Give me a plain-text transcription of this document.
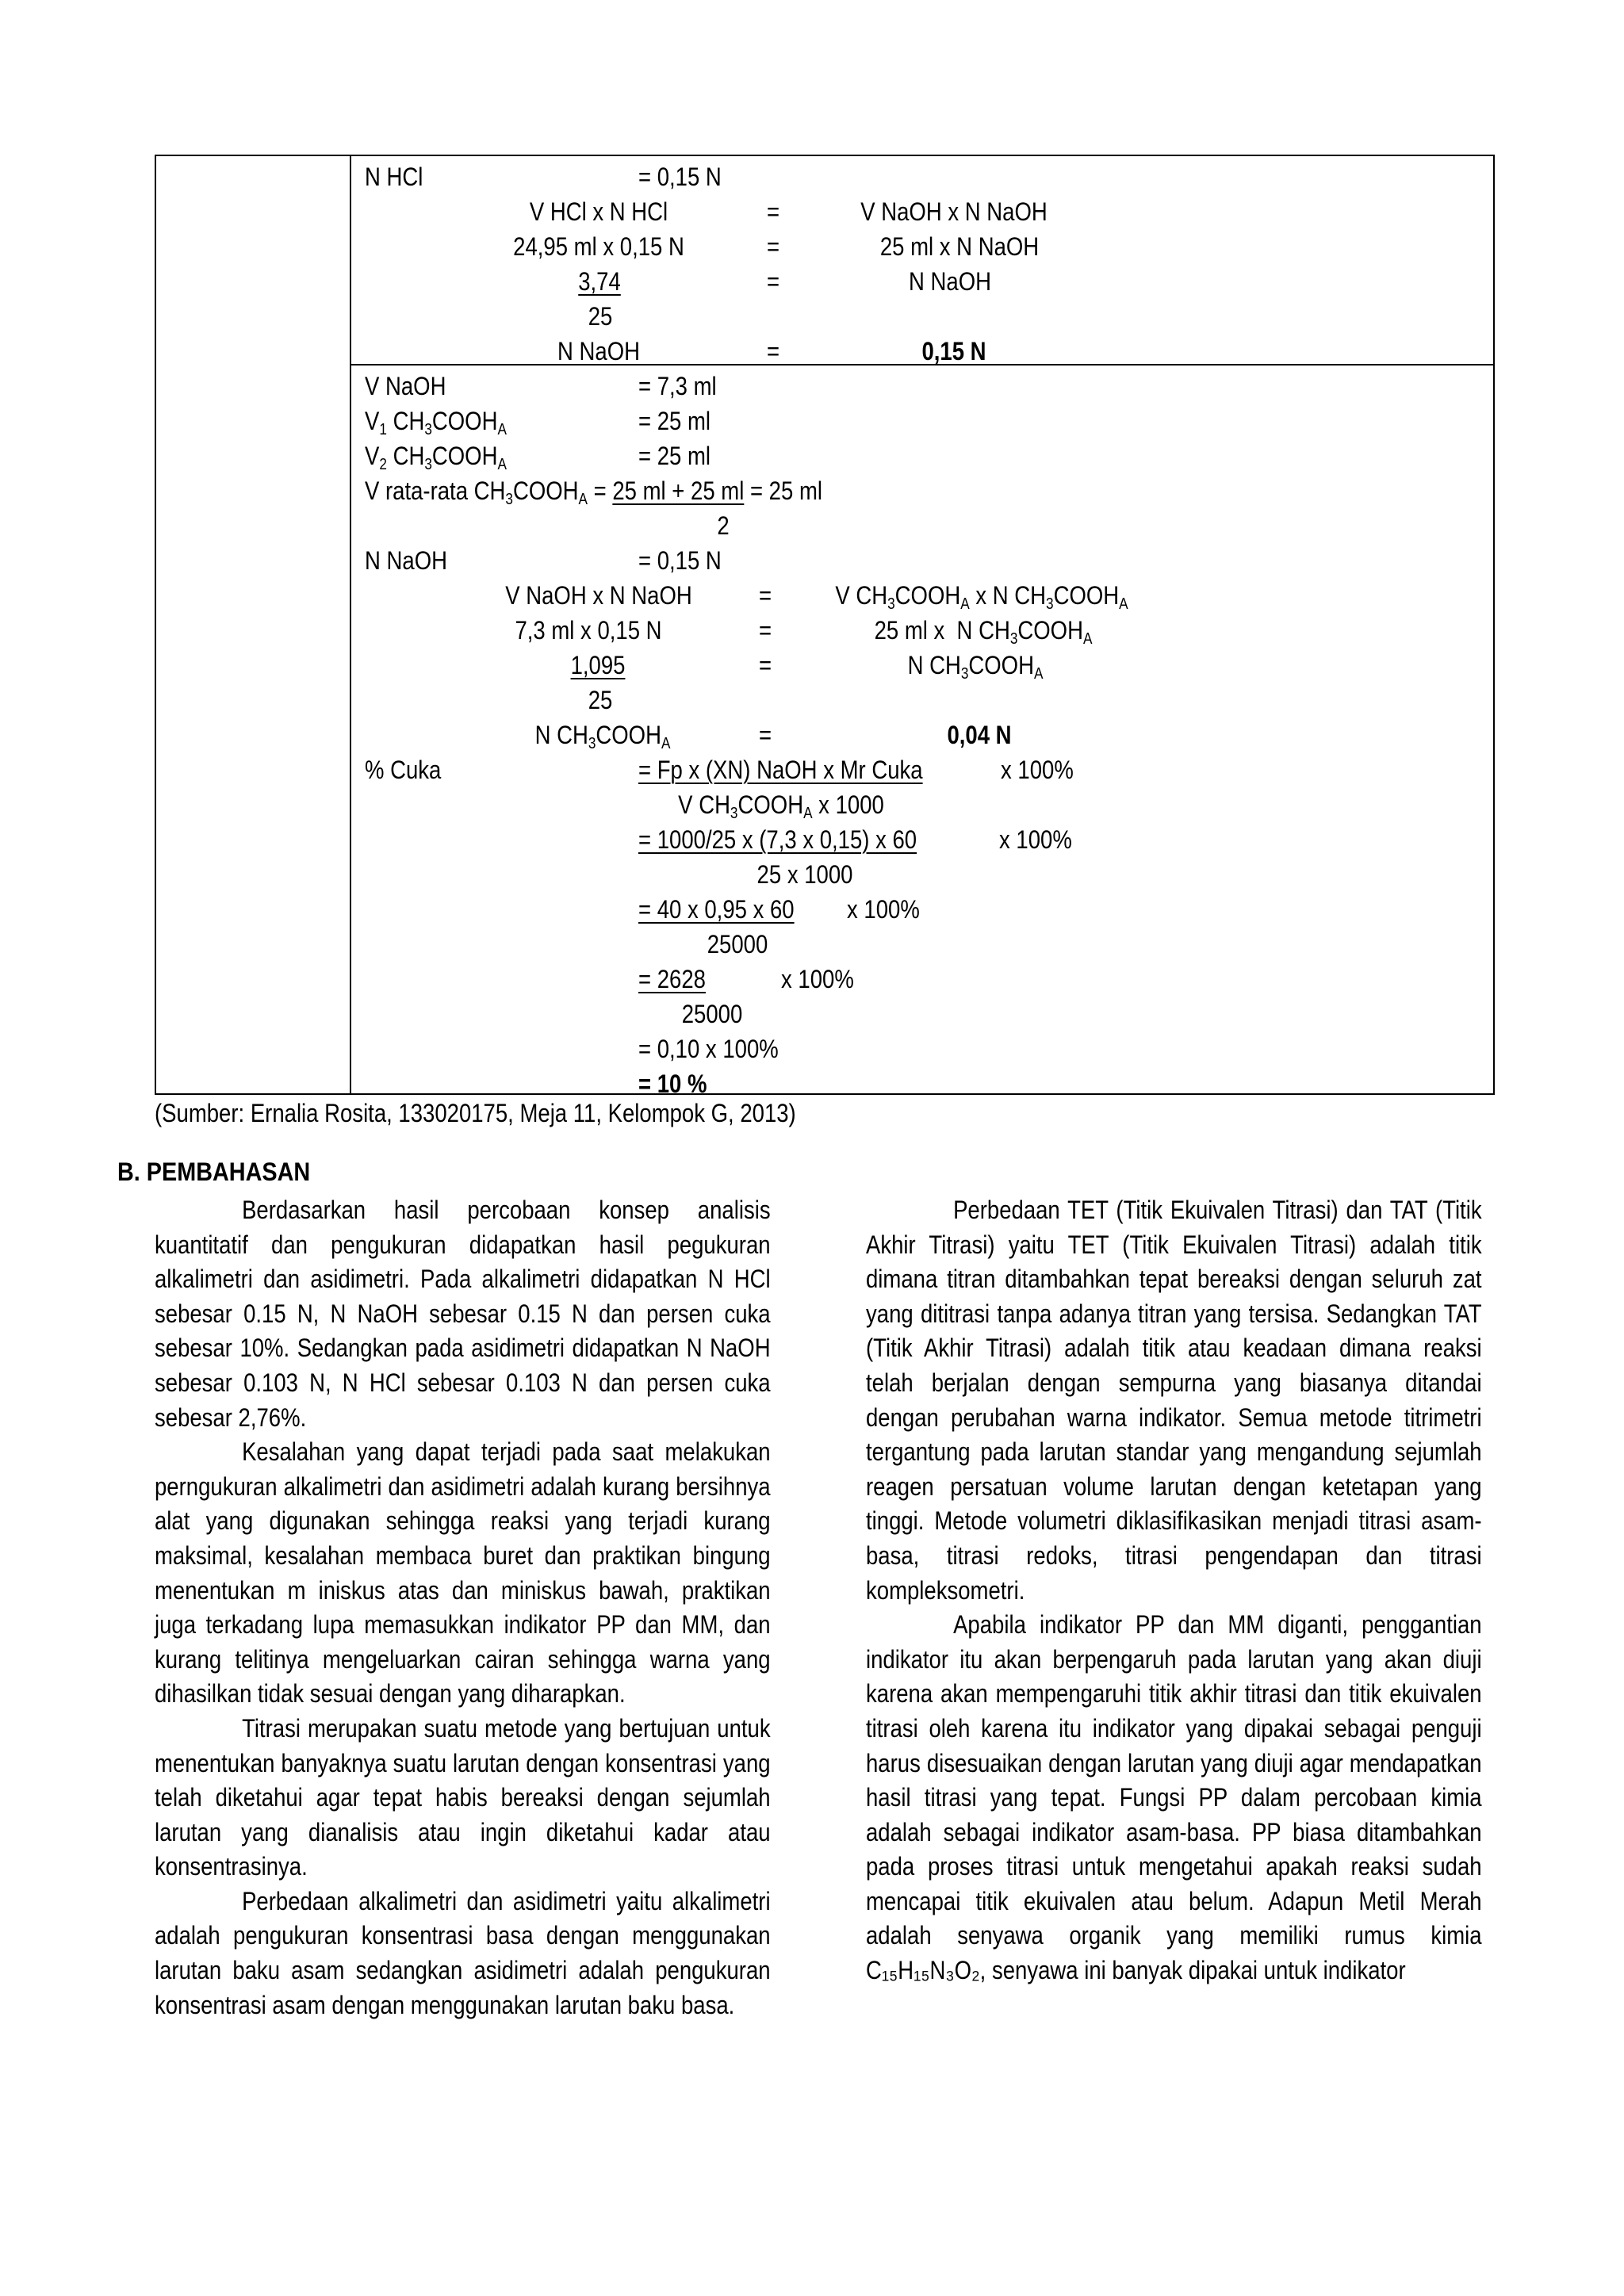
N HCl	= 0,15 N
V HCl x N HCl	=	V NaOH x N NaOH
24,95 ml x 0,15 N	=	25 ml x N NaOH
3,74	=	N NaOH
25
N NaOH	=	0,15 N
V NaOH	= 7,3 ml
$V_1$ $CH_3COOH_A$	= 25 ml
$V_2$ $CH_3COOH_A$	= 25 ml
V rata-rata $CH_3COOH_A = 25$ ml + 25 ml = 25 ml
2
N NaOH	= 0,15 N
V NaOH x N NaOH	=	V $CH_3COOH_A$ x N $CH_3COOH_A$
7,3 ml x 0,15 N	=	25 ml x  N $CH_3COOH_A$
1,095	=	N $CH_3COOH_A$
25
N $CH_3COOH_A$	=	0,04 N
% Cuka	= Fp x (XN) NaOH x Mr Cuka	x 100%
V $CH_3COOH_A$ x 1000
= 1000/25 x (7,3 x 0,15) x 60	x 100%
25 x 1000
= 40 x 0,95 x 60 x 100%
25000
= 2628	x 100%
25000
= 0,10 x 100%
= 10 %
(Sumber: Ernalia Rosita, 133020175, Meja 11, Kelompok G, 2013)
B. PEMBAHASAN

Berdasarkan hasil percobaan konsep analisis kuantitatif dan pengukuran didapatkan hasil pegukuran alkalimetri dan asidimetri. Pada alkalimetri didapatkan N HCl sebesar 0.15 N, N NaOH sebesar 0.15 N dan persen cuka sebesar 10%. Sedangkan pada asidimetri didapatkan N NaOH sebesar 0.103 N, N HCl sebesar 0.103 N dan persen cuka sebesar 2,76%.

Kesalahan yang dapat terjadi pada saat melakukan perngukuran alkalimetri dan asidimetri adalah kurang bersihnya alat yang digunakan sehingga reaksi yang terjadi kurang maksimal, kesalahan membaca buret dan praktikan bingung menentukan m iniskus atas dan miniskus bawah, praktikan juga terkadang lupa memasukkan indikator PP dan MM, dan kurang telitinya mengeluarkan cairan sehingga warna yang dihasilkan tidak sesuai dengan yang diharapkan.

Titrasi merupakan suatu metode yang bertujuan untuk menentukan banyaknya suatu larutan dengan konsentrasi yang telah diketahui agar tepat habis bereaksi dengan sejumlah larutan yang dianalisis atau ingin diketahui kadar atau konsentrasinya.

Perbedaan alkalimetri dan asidimetri yaitu alkalimetri adalah pengukuran konsentrasi basa dengan menggunakan larutan baku asam sedangkan asidimetri adalah pengukuran konsentrasi asam dengan menggunakan larutan baku basa.

Perbedaan TET (Titik Ekuivalen Titrasi) dan TAT (Titik Akhir Titrasi) yaitu TET (Titik Ekuivalen Titrasi) adalah titik dimana titran ditambahkan tepat bereaksi dengan seluruh zat yang dititrasi tanpa adanya titran yang tersisa. Sedangkan TAT (Titik Akhir Titrasi) adalah titik atau keadaan dimana reaksi telah berjalan dengan sempurna yang biasanya ditandai dengan perubahan warna indikator. Semua metode titrimetri tergantung pada larutan standar yang mengandung sejumlah reagen persatuan volume larutan dengan ketetapan yang tinggi. Metode volumetri diklasifikasikan menjadi titrasi asam-basa, titrasi redoks, titrasi pengendapan dan titrasi kompleksometri.

Apabila indikator PP dan MM diganti, penggantian indikator itu akan berpengaruh pada larutan yang akan diuji karena akan mempengaruhi titik akhir titrasi dan titik ekuivalen titrasi oleh karena itu indikator yang dipakai sebagai penguji harus disesuaikan dengan larutan yang diuji agar mendapatkan hasil titrasi yang tepat. Fungsi PP dalam percobaan kimia adalah sebagai indikator asam-basa. PP biasa ditambahkan pada proses titrasi untuk mengetahui apakah reaksi sudah mencapai titik ekuivalen atau belum. Adapun Metil Merah adalah senyawa organik yang memiliki rumus kimia C₁₅H₁₅N₃O₂, senyawa ini banyak dipakai untuk indikator
